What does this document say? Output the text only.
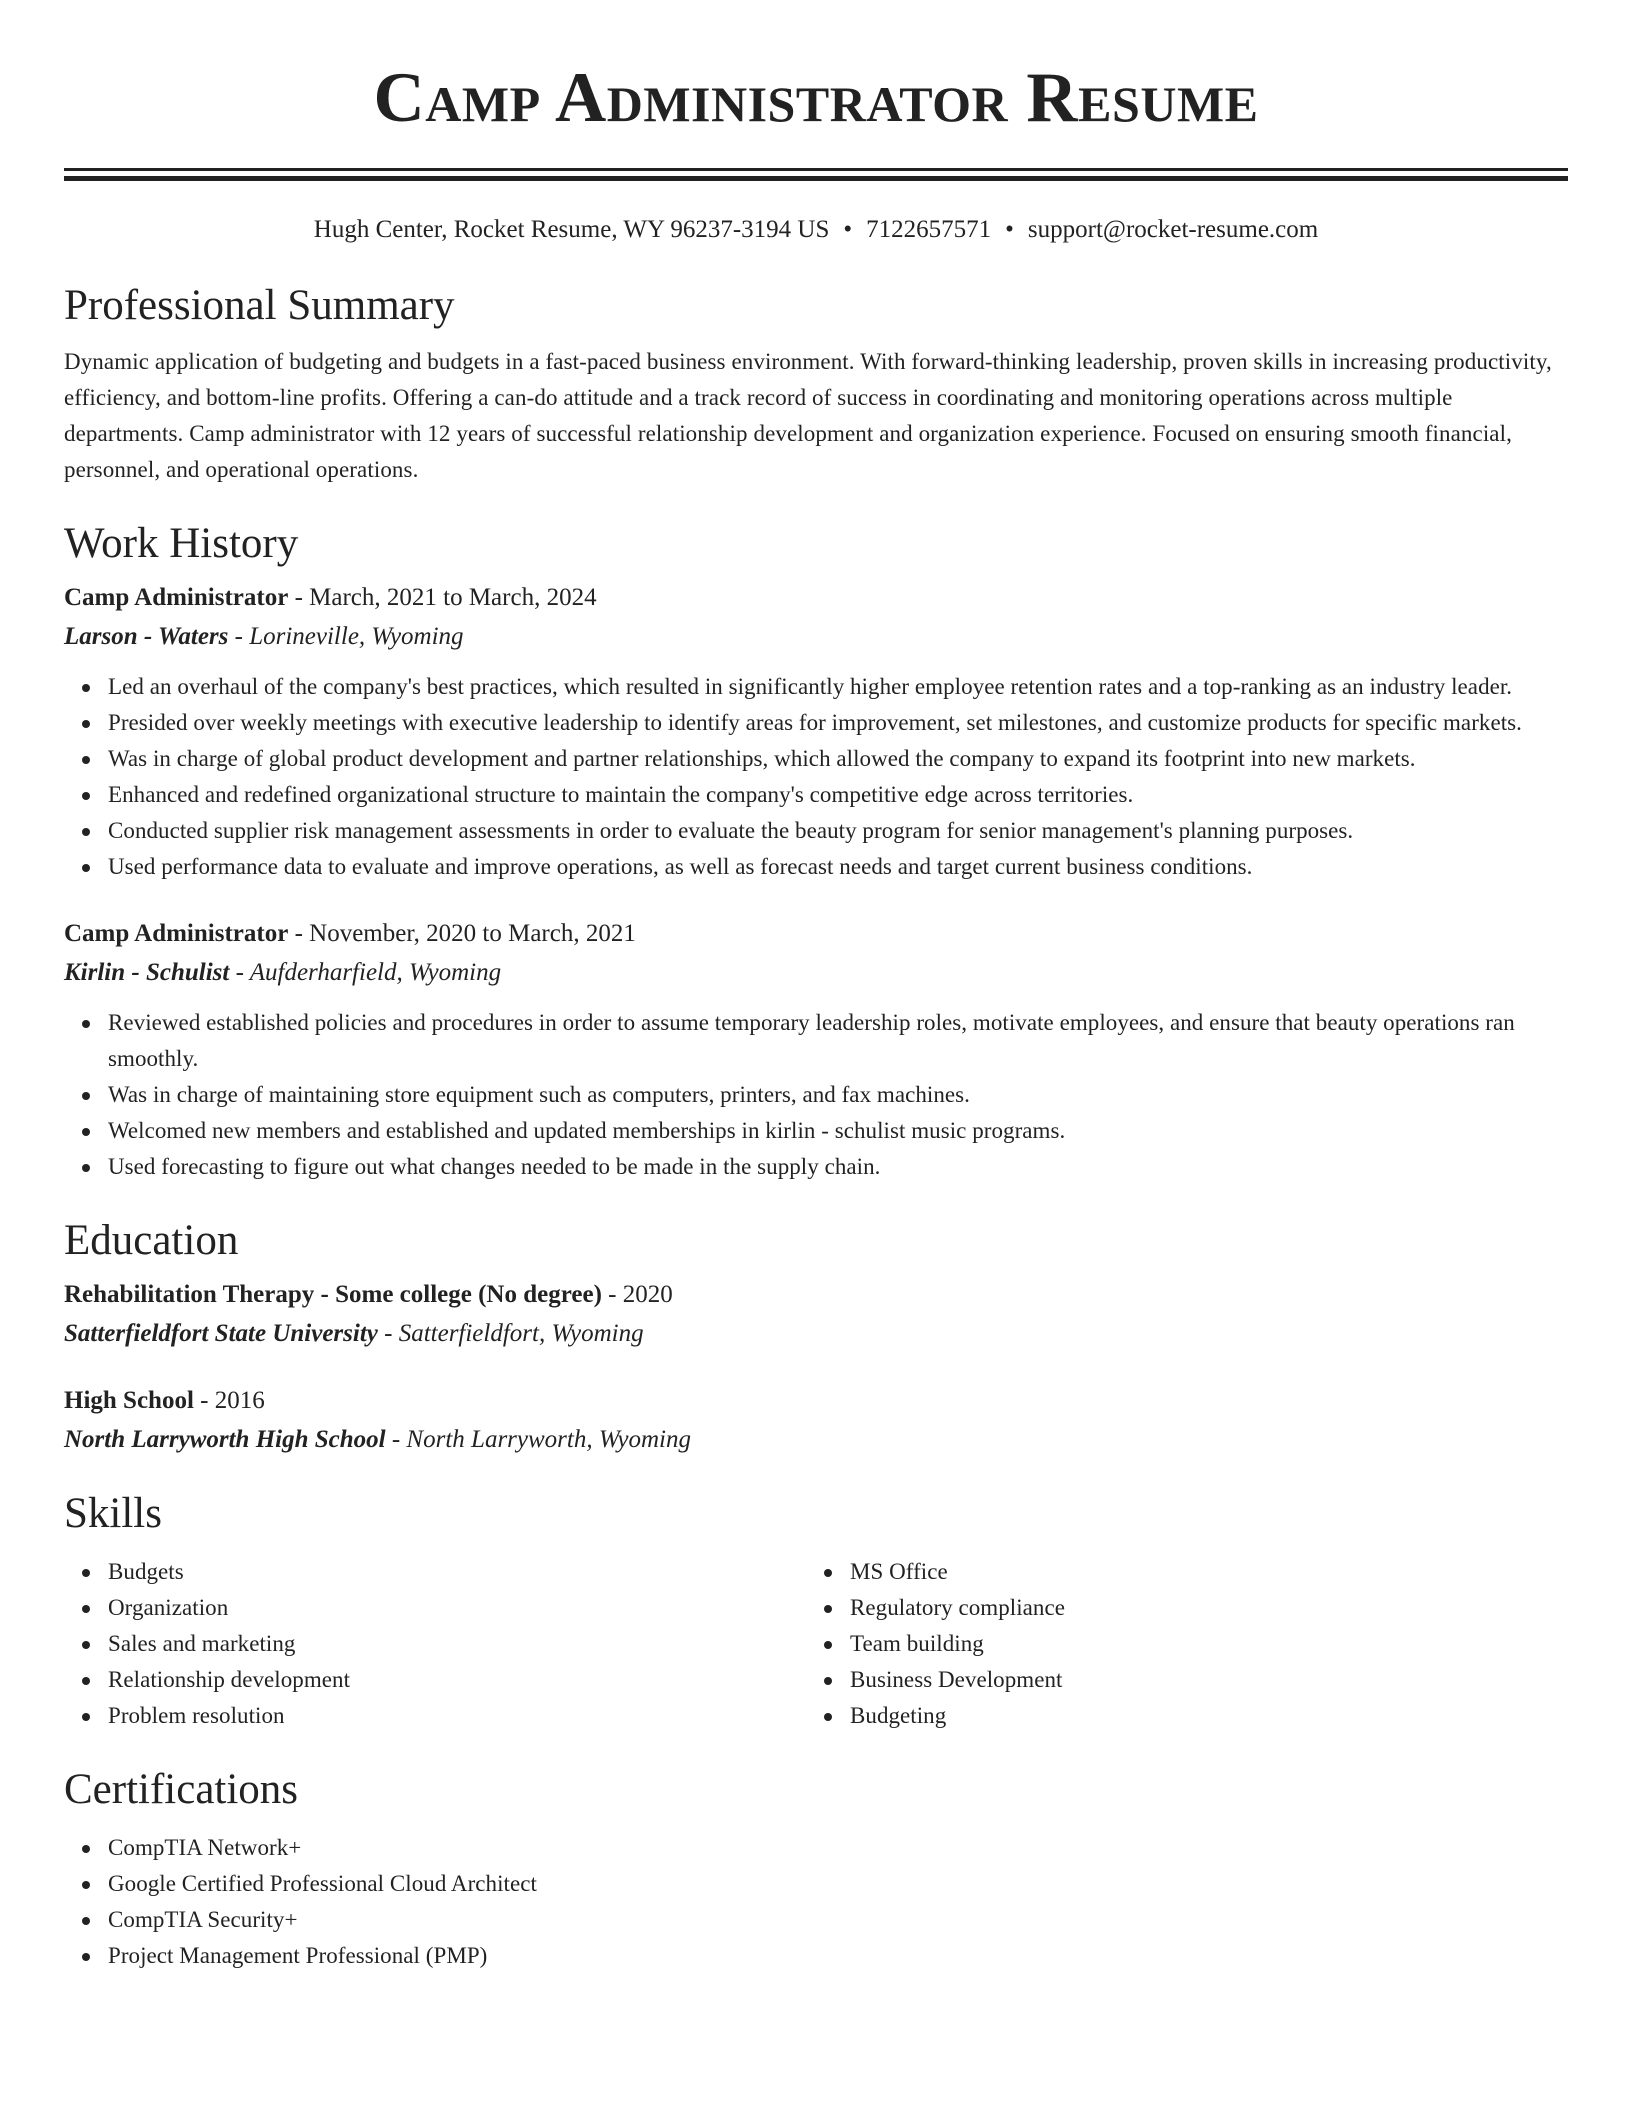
Camp Administrator Resume
Hugh Center, Rocket Resume, WY 96237-3194 US • 7122657571 • support@rocket-resume.com
Professional Summary

Dynamic application of budgeting and budgets in a fast-paced business environment. With forward-thinking leadership, proven skills in increasing productivity, efficiency, and bottom-line profits. Offering a can-do attitude and a track record of success in coordinating and monitoring operations across multiple departments. Camp administrator with 12 years of successful relationship development and organization experience. Focused on ensuring smooth financial, personnel, and operational operations.

Work History

Camp Administrator - March, 2021 to March, 2024

Larson - Waters - Lorineville, Wyoming

Led an overhaul of the company's best practices, which resulted in significantly higher employee retention rates and a top-ranking as an industry leader.
Presided over weekly meetings with executive leadership to identify areas for improvement, set milestones, and customize products for specific markets.
Was in charge of global product development and partner relationships, which allowed the company to expand its footprint into new markets.
Enhanced and redefined organizational structure to maintain the company's competitive edge across territories.
Conducted supplier risk management assessments in order to evaluate the beauty program for senior management's planning purposes.
Used performance data to evaluate and improve operations, as well as forecast needs and target current business conditions.

Camp Administrator - November, 2020 to March, 2021

Kirlin - Schulist - Aufderharfield, Wyoming

Reviewed established policies and procedures in order to assume temporary leadership roles, motivate employees, and ensure that beauty operations ran smoothly.
Was in charge of maintaining store equipment such as computers, printers, and fax machines.
Welcomed new members and established and updated memberships in kirlin - schulist music programs.
Used forecasting to figure out what changes needed to be made in the supply chain.
Education

Rehabilitation Therapy - Some college (No degree) - 2020

Satterfieldfort State University - Satterfieldfort, Wyoming

High School - 2016

North Larryworth High School - North Larryworth, Wyoming

Skills
Budgets
Organization
Sales and marketing
Relationship development
Problem resolution
MS Office
Regulatory compliance
Team building
Business Development
Budgeting
Certifications
CompTIA Network+
Google Certified Professional Cloud Architect
CompTIA Security+
Project Management Professional (PMP)
